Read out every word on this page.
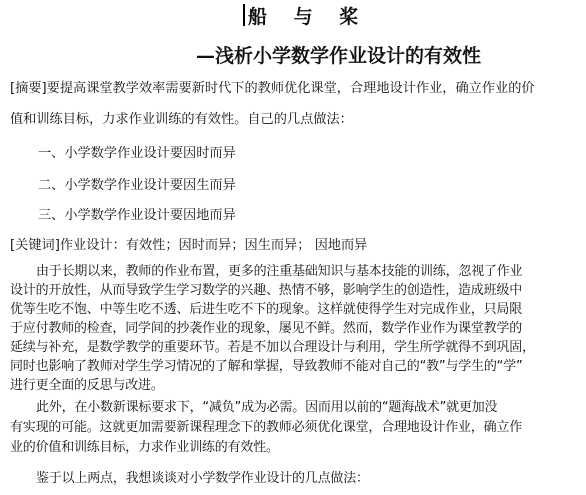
船 与 桨
—浅析小学数学作业设计的有效性
[摘要]要提高课堂教学效率需要新时代下的教师优化课堂，合理地设计作业，确立作业的价
值和训练目标，力求作业训练的有效性。自己的几点做法：
一、小学数学作业设计要因时而异
二、小学数学作业设计要因生而异
三、小学数学作业设计要因地而异
[关键词]作业设计：有效性；因时而异；因生而异； 因地而异
由于长期以来，教师的作业布置，更多的注重基础知识与基本技能的训练，忽视了作业
设计的开放性，从而导致学生学习数学的兴趣、热情不够，影响学生的创造性，造成班级中
优等生吃不饱、中等生吃不透、后进生吃不下的现象。这样就使得学生对完成作业，只局限
于应付教师的检查，同学间的抄袭作业的现象，屡见不鲜。然而，数学作业作为课堂教学的
延续与补充，是数学教学的重要环节。若是不加以合理设计与利用，学生所学就得不到巩固，
同时也影响了教师对学生学习情况的了解和掌握，导致教师不能对自己的“教”与学生的“学”
进行更全面的反思与改进。
此外，在小数新课标要求下，“减负”成为必需。因而用以前的“题海战术”就更加没
有实现的可能。这就更加需要新课程理念下的教师必须优化课堂，合理地设计作业，确立作
业的价值和训练目标，力求作业训练的有效性。
鉴于以上两点，我想谈谈对小学数学作业设计的几点做法：
